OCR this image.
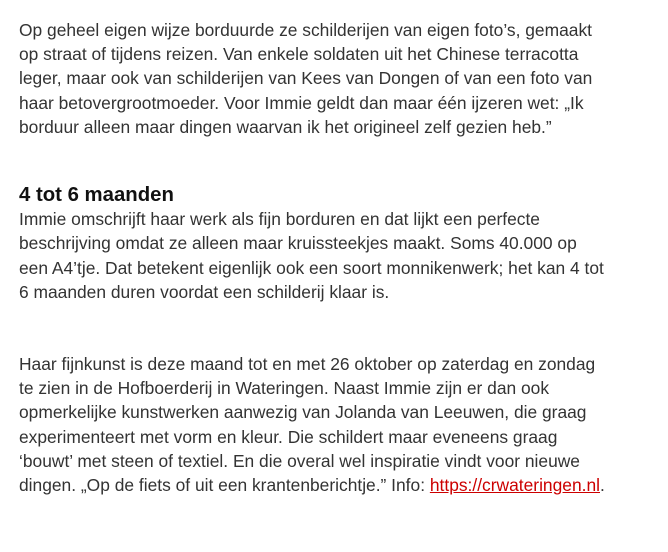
Op geheel eigen wijze borduurde ze schilderijen van eigen foto’s, gemaakt

op straat of tijdens reizen. Van enkele soldaten uit het Chinese terracotta

leger, maar ook van schilderijen van Kees van Dongen of van een foto van

haar betovergrootmoeder. Voor Immie geldt dan maar één ijzeren wet: „Ik

borduur alleen maar dingen waarvan ik het origineel zelf gezien heb.”

4 tot 6 maanden

Immie omschrijft haar werk als fijn borduren en dat lijkt een perfecte

beschrijving omdat ze alleen maar kruissteekjes maakt. Soms 40.000 op

een A4’tje. Dat betekent eigenlijk ook een soort monnikenwerk; het kan 4 tot

6 maanden duren voordat een schilderij klaar is.

Haar fijnkunst is deze maand tot en met 26 oktober op zaterdag en zondag

te zien in de Hofboerderij in Wateringen. Naast Immie zijn er dan ook

opmerkelijke kunstwerken aanwezig van Jolanda van Leeuwen, die graag

experimenteert met vorm en kleur. Die schildert maar eveneens graag

‘bouwt’ met steen of textiel. En die overal wel inspiratie vindt voor nieuwe

dingen. „Op de fiets of uit een krantenberichtje.” Info: https://crwateringen.nl.
